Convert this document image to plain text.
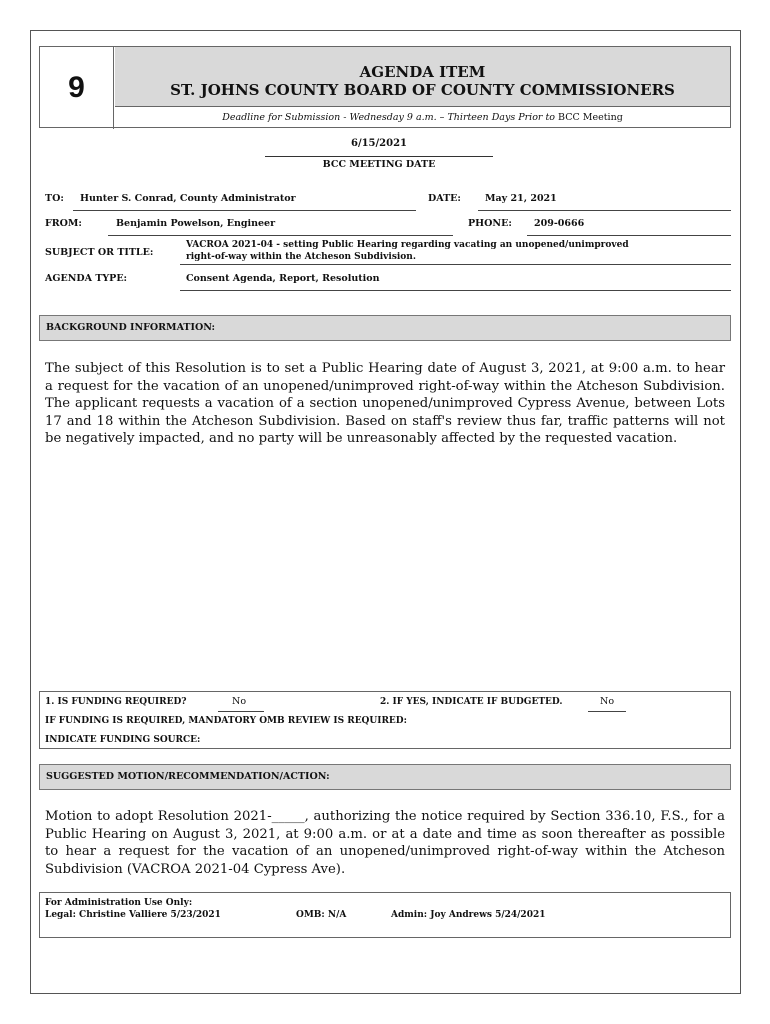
9	AGENDA ITEM
ST. JOHNS COUNTY BOARD OF COUNTY COMMISSIONERS
Deadline for Submission - Wednesday 9 a.m. – Thirteen Days Prior to BCC Meeting
6/15/2021
BCC MEETING DATE
TO: Hunter S. Conrad, County Administrator	DATE:	May 21, 2021
FROM:	Benjamin Powelson, Engineer	PHONE: 209-0666
SUBJECT OR TITLE:
VACROA 2021-04 - setting Public Hearing regarding vacating an unopened/unimproved
right-of-way within the Atcheson Subdivision.
AGENDA TYPE:	Consent Agenda, Report, Resolution
BACKGROUND INFORMATION:
The subject of this Resolution is to set a Public Hearing date of August 3, 2021, at 9:00 a.m. to hear a request for the vacation of an unopened/unimproved right-of-way within the Atcheson Subdivision. The applicant requests a vacation of a section unopened/unimproved Cypress Avenue, between Lots 17 and 18 within the Atcheson Subdivision. Based on staff's review thus far, traffic patterns will not be negatively impacted, and no party will be unreasonably affected by the requested vacation.
1. IS FUNDING REQUIRED?	No	2. IF YES, INDICATE IF BUDGETED.	No
IF FUNDING IS REQUIRED, MANDATORY OMB REVIEW IS REQUIRED:
INDICATE FUNDING SOURCE:
SUGGESTED MOTION/RECOMMENDATION/ACTION:
Motion to adopt Resolution 2021-_____, authorizing the notice required by Section 336.10, F.S., for a Public Hearing on August 3, 2021, at 9:00 a.m. or at a date and time as soon thereafter as possible to hear a request for the vacation of an unopened/unimproved right-of-way within the Atcheson Subdivision (VACROA 2021-04 Cypress Ave).
For Administration Use Only:
Legal: Christine Valliere 5/23/2021	OMB: N/A	Admin: Joy Andrews 5/24/2021
